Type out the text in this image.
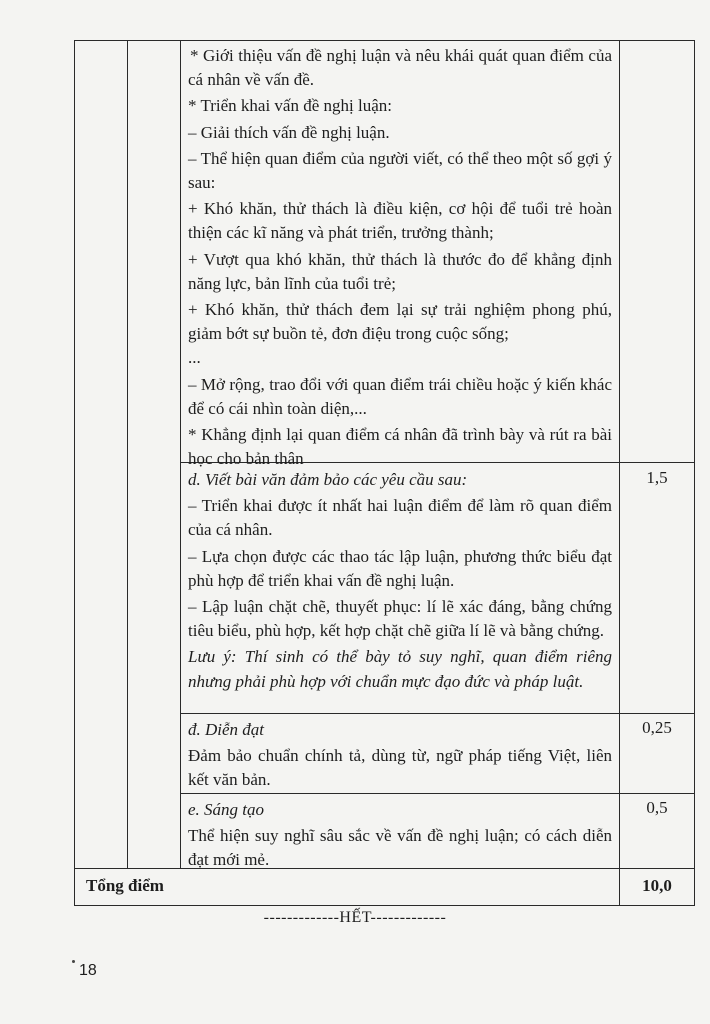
* Giới thiệu vấn đề nghị luận và nêu khái quát quan điểm của cá nhân về vấn đề.

* Triển khai vấn đề nghị luận:

– Giải thích vấn đề nghị luận.

– Thể hiện quan điểm của người viết, có thể theo một số gợi ý sau:

+ Khó khăn, thử thách là điều kiện, cơ hội để tuổi trẻ hoàn thiện các kĩ năng và phát triển, trưởng thành;

+ Vượt qua khó khăn, thử thách là thước đo để khẳng định năng lực, bản lĩnh của tuổi trẻ;

+ Khó khăn, thử thách đem lại sự trải nghiệm phong phú, giảm bớt sự buồn tẻ, đơn điệu trong cuộc sống;

...

– Mở rộng, trao đổi với quan điểm trái chiều hoặc ý kiến khác để có cái nhìn toàn diện,...

* Khẳng định lại quan điểm cá nhân đã trình bày và rút ra bài học cho bản thân

d. Viết bài văn đảm bảo các yêu cầu sau:

– Triển khai được ít nhất hai luận điểm để làm rõ quan điểm của cá nhân.

– Lựa chọn được các thao tác lập luận, phương thức biểu đạt phù hợp để triển khai vấn đề nghị luận.

– Lập luận chặt chẽ, thuyết phục: lí lẽ xác đáng, bằng chứng tiêu biểu, phù hợp, kết hợp chặt chẽ giữa lí lẽ và bằng chứng.

Lưu ý: Thí sinh có thể bày tỏ suy nghĩ, quan điểm riêng nhưng phải phù hợp với chuẩn mực đạo đức và pháp luật.

1,5

đ. Diễn đạt

Đảm bảo chuẩn chính tả, dùng từ, ngữ pháp tiếng Việt, liên kết văn bản.

0,25

e. Sáng tạo

Thể hiện suy nghĩ sâu sắc về vấn đề nghị luận; có cách diễn đạt mới mẻ.

0,5
Tổng điểm	10,0
-------------HẾT-------------
18
